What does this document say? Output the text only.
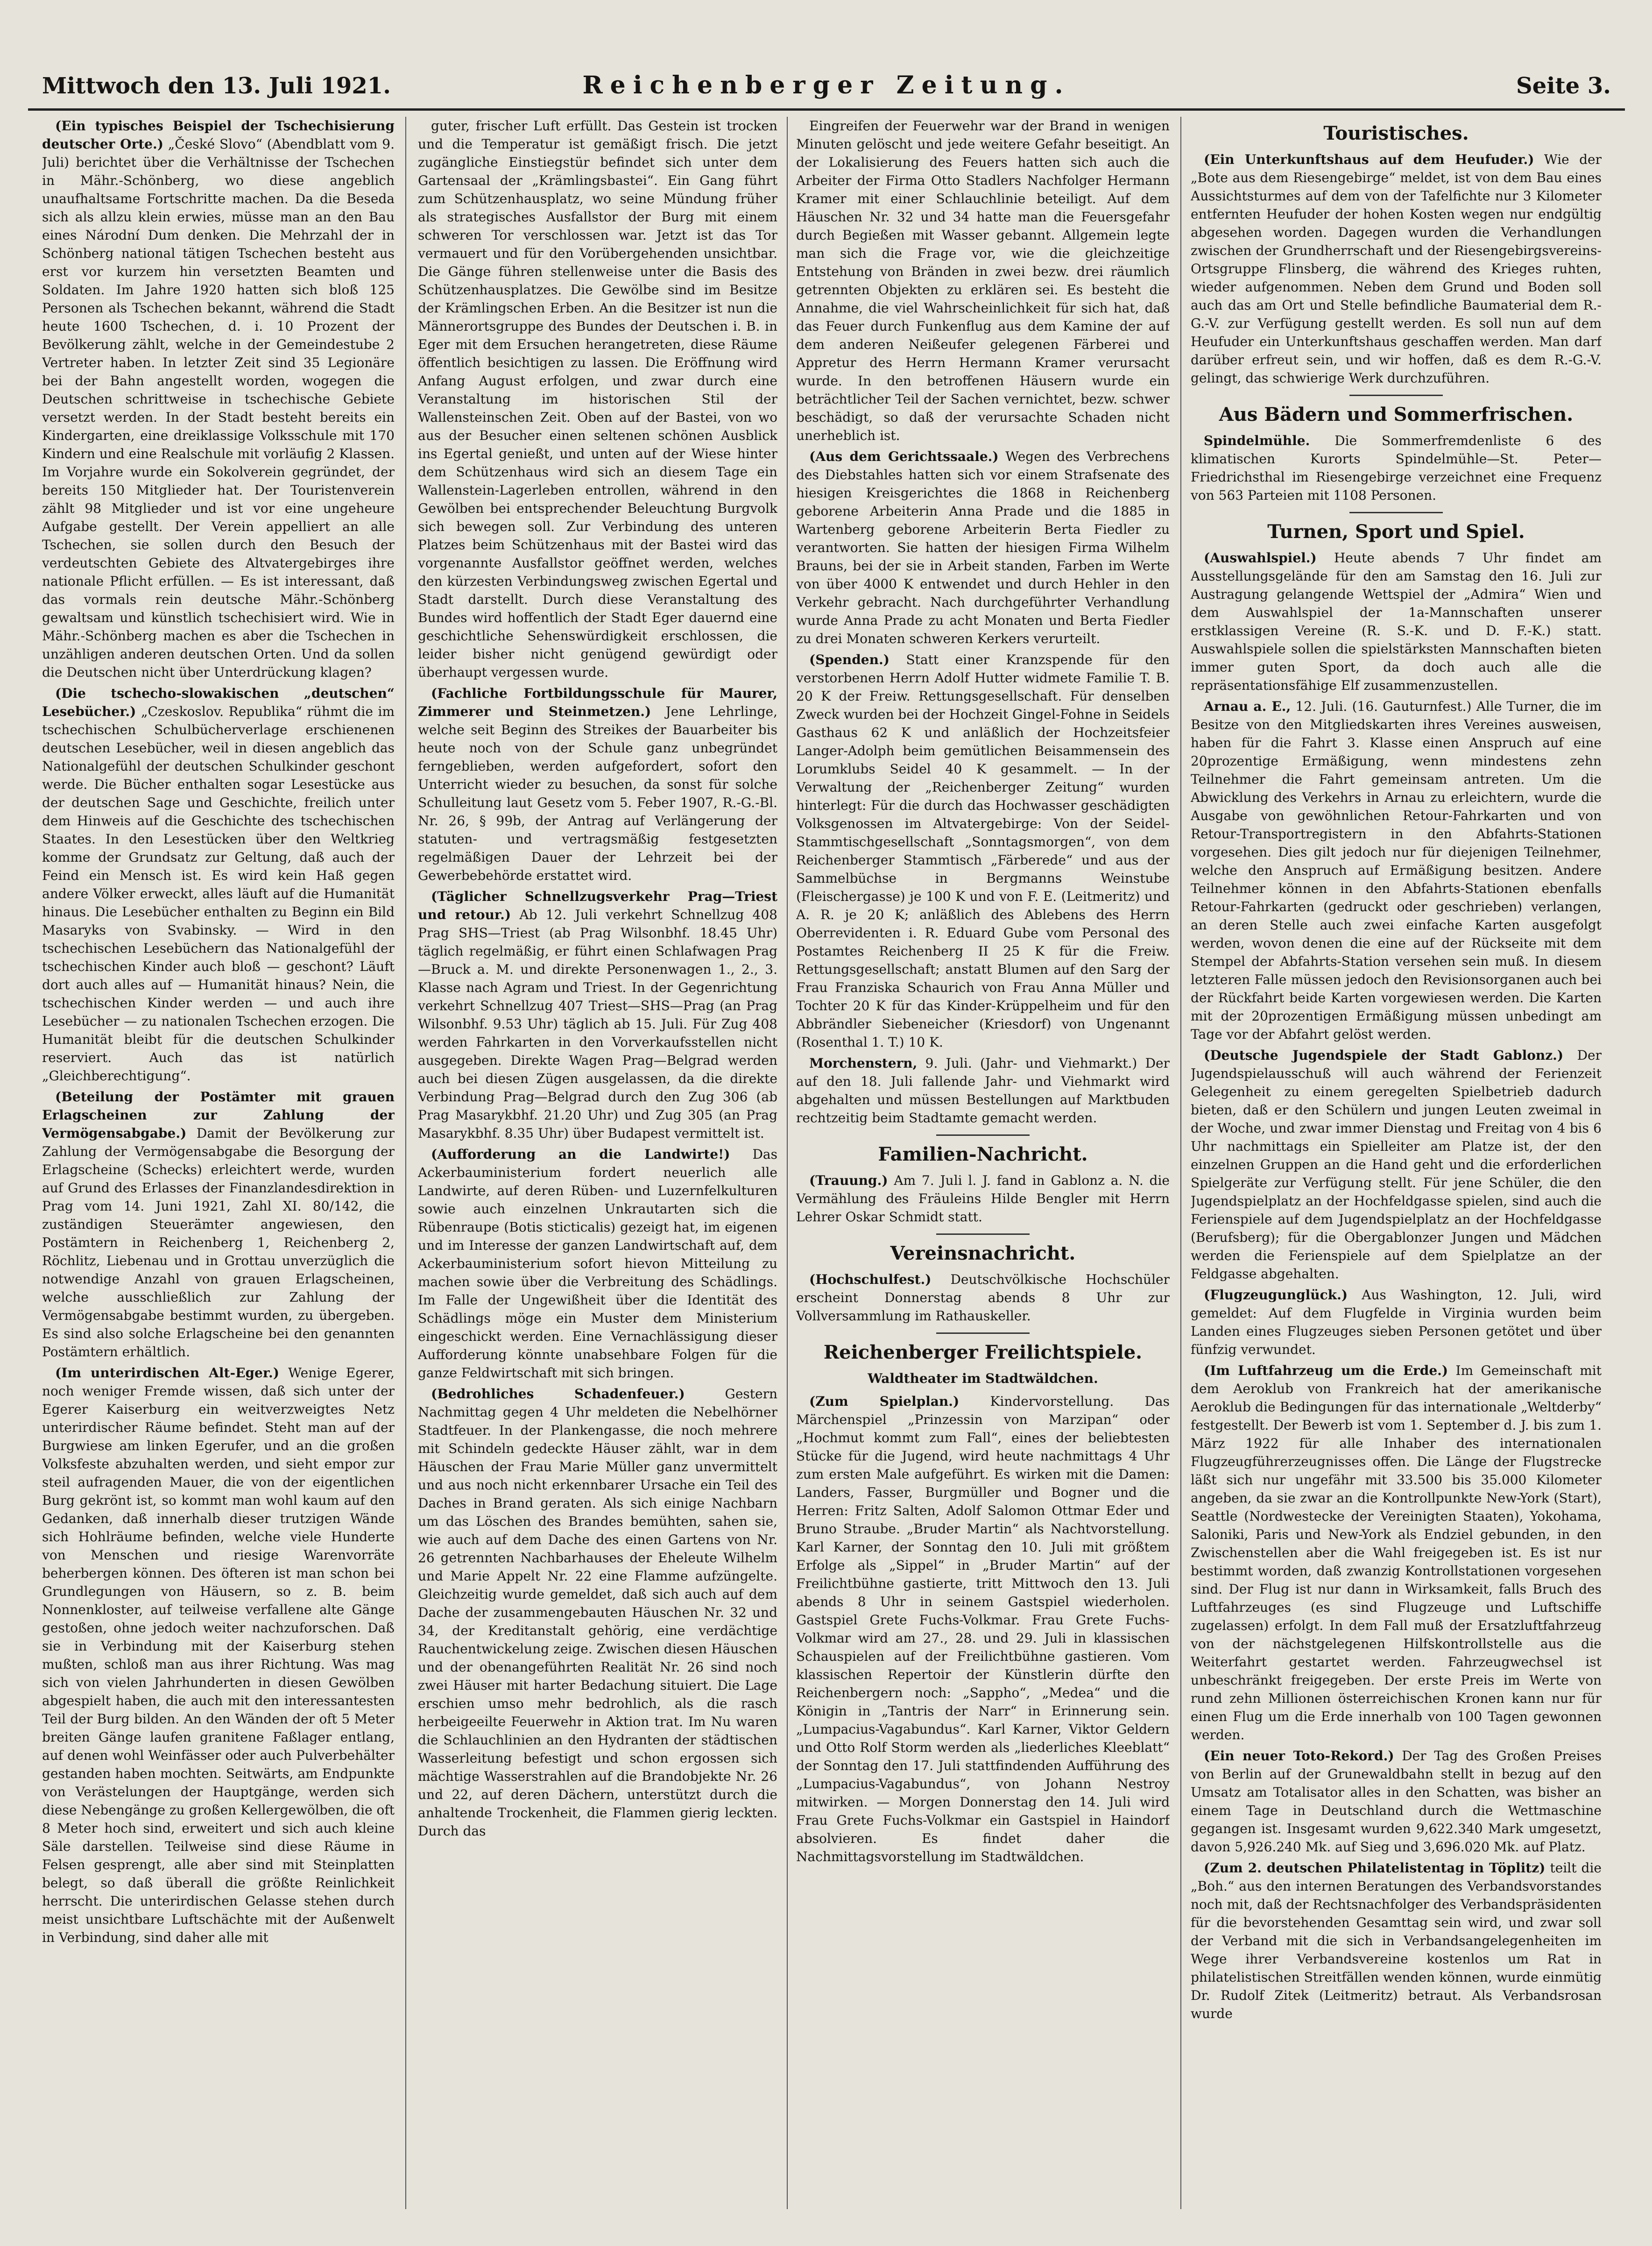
Mittwoch den 13. Juli 1921.	Reichenberger Zeitung.	Seite 3.

(Ein typisches Beispiel der Tschechisierung deutscher Orte.) „České Slovo“ (Abendblatt vom 9. Juli) berichtet über die Verhältnisse der Tschechen in Mähr.-Schönberg, wo diese angeblich unaufhaltsame Fortschritte machen. Da die Beseda sich als allzu klein erwies, müsse man an den Bau eines Národní Dum denken. Die Mehrzahl der in Schönberg national tätigen Tschechen besteht aus erst vor kurzem hin versetzten Beamten und Soldaten. Im Jahre 1920 hatten sich bloß 125 Personen als Tschechen bekannt, während die Stadt heute 1600 Tschechen, d. i. 10 Prozent der Bevölkerung zählt, welche in der Gemeindestube 2 Vertreter haben. In letzter Zeit sind 35 Legionäre bei der Bahn angestellt worden, wogegen die Deutschen schrittweise in tschechische Gebiete versetzt werden. In der Stadt besteht bereits ein Kindergarten, eine dreiklassige Volksschule mit 170 Kindern und eine Realschule mit vorläufig 2 Klassen. Im Vorjahre wurde ein Sokolverein gegründet, der bereits 150 Mitglieder hat. Der Touristenverein zählt 98 Mitglieder und ist vor eine ungeheure Aufgabe gestellt. Der Verein appelliert an alle Tschechen, sie sollen durch den Besuch der verdeutschten Gebiete des Altvatergebirges ihre nationale Pflicht erfüllen. — Es ist interessant, daß das vormals rein deutsche Mähr.-Schönberg gewaltsam und künstlich tschechisiert wird. Wie in Mähr.-Schönberg machen es aber die Tschechen in unzähligen anderen deutschen Orten. Und da sollen die Deutschen nicht über Unterdrückung klagen?

(Die tschecho-slowakischen „deutschen“ Lesebücher.) „Czeskoslov. Republika“ rühmt die im tschechischen Schulbücherverlage erschienenen deutschen Lesebücher, weil in diesen angeblich das Nationalgefühl der deutschen Schulkinder geschont werde. Die Bücher enthalten sogar Lesestücke aus der deutschen Sage und Geschichte, freilich unter dem Hinweis auf die Geschichte des tschechischen Staates. In den Lesestücken über den Weltkrieg komme der Grundsatz zur Geltung, daß auch der Feind ein Mensch ist. Es wird kein Haß gegen andere Völker erweckt, alles läuft auf die Humanität hinaus. Die Lesebücher enthalten zu Beginn ein Bild Masaryks von Svabinsky. — Wird in den tschechischen Lesebüchern das Nationalgefühl der tschechischen Kinder auch bloß — geschont? Läuft dort auch alles auf — Humanität hinaus? Nein, die tschechischen Kinder werden — und auch ihre Lesebücher — zu nationalen Tschechen erzogen. Die Humanität bleibt für die deutschen Schulkinder reserviert. Auch das ist natürlich „Gleichberechtigung“.

(Beteilung der Postämter mit grauen Erlagscheinen zur Zahlung der Vermögensabgabe.) Damit der Bevölkerung zur Zahlung der Vermögensabgabe die Besorgung der Erlagscheine (Schecks) erleichtert werde, wurden auf Grund des Erlasses der Finanzlandesdirektion in Prag vom 14. Juni 1921, Zahl XI. 80/142, die zuständigen Steuerämter angewiesen, den Postämtern in Reichenberg 1, Reichenberg 2, Röchlitz, Liebenau und in Grottau unverzüglich die notwendige Anzahl von grauen Erlagscheinen, welche ausschließlich zur Zahlung der Vermögensabgabe bestimmt wurden, zu übergeben. Es sind also solche Erlagscheine bei den genannten Postämtern erhältlich.

(Im unterirdischen Alt-Eger.) Wenige Egerer, noch weniger Fremde wissen, daß sich unter der Egerer Kaiserburg ein weitverzweigtes Netz unterirdischer Räume befindet. Steht man auf der Burgwiese am linken Egerufer, und an die großen Volksfeste abzuhalten werden, und sieht empor zur steil aufragenden Mauer, die von der eigentlichen Burg gekrönt ist, so kommt man wohl kaum auf den Gedanken, daß innerhalb dieser trutzigen Wände sich Hohlräume befinden, welche viele Hunderte von Menschen und riesige Warenvorräte beherbergen können. Des öfteren ist man schon bei Grundlegungen von Häusern, so z. B. beim Nonnenkloster, auf teilweise verfallene alte Gänge gestoßen, ohne jedoch weiter nachzuforschen. Daß sie in Verbindung mit der Kaiserburg stehen mußten, schloß man aus ihrer Richtung. Was mag sich von vielen Jahrhunderten in diesen Gewölben abgespielt haben, die auch mit den interessantesten Teil der Burg bilden. An den Wänden der oft 5 Meter breiten Gänge laufen granitene Faßlager entlang, auf denen wohl Weinfässer oder auch Pulverbehälter gestanden haben mochten. Seitwärts, am Endpunkte von Verästelungen der Hauptgänge, werden sich diese Nebengänge zu großen Kellergewölben, die oft 8 Meter hoch sind, erweitert und sich auch kleine Säle darstellen. Teilweise sind diese Räume in Felsen gesprengt, alle aber sind mit Steinplatten belegt, so daß überall die größte Reinlichkeit herrscht. Die unterirdischen Gelasse stehen durch meist unsichtbare Luftschächte mit der Außenwelt in Verbindung, sind daher alle mit

guter, frischer Luft erfüllt. Das Gestein ist trocken und die Temperatur ist gemäßigt frisch. Die jetzt zugängliche Einstiegstür befindet sich unter dem Gartensaal der „Krämlingsbastei“. Ein Gang führt zum Schützenhausplatz, wo seine Mündung früher als strategisches Ausfallstor der Burg mit einem schweren Tor verschlossen war. Jetzt ist das Tor vermauert und für den Vorübergehenden unsichtbar. Die Gänge führen stellenweise unter die Basis des Schützenhausplatzes. Die Gewölbe sind im Besitze der Krämlingschen Erben. An die Besitzer ist nun die Männerortsgruppe des Bundes der Deutschen i. B. in Eger mit dem Ersuchen herangetreten, diese Räume öffentlich besichtigen zu lassen. Die Eröffnung wird Anfang August erfolgen, und zwar durch eine Veranstaltung im historischen Stil der Wallensteinschen Zeit. Oben auf der Bastei, von wo aus der Besucher einen seltenen schönen Ausblick ins Egertal genießt, und unten auf der Wiese hinter dem Schützenhaus wird sich an diesem Tage ein Wallenstein-Lagerleben entrollen, während in den Gewölben bei entsprechender Beleuchtung Burgvolk sich bewegen soll. Zur Verbindung des unteren Platzes beim Schützenhaus mit der Bastei wird das vorgenannte Ausfallstor geöffnet werden, welches den kürzesten Verbindungsweg zwischen Egertal und Stadt darstellt. Durch diese Veranstaltung des Bundes wird hoffentlich der Stadt Eger dauernd eine geschichtliche Sehenswürdigkeit erschlossen, die leider bisher nicht genügend gewürdigt oder überhaupt vergessen wurde.

(Fachliche Fortbildungsschule für Maurer, Zimmerer und Steinmetzen.) Jene Lehrlinge, welche seit Beginn des Streikes der Bauarbeiter bis heute noch von der Schule ganz unbegründet ferngeblieben, werden aufgefordert, sofort den Unterricht wieder zu besuchen, da sonst für solche Schulleitung laut Gesetz vom 5. Feber 1907, R.-G.-Bl. Nr. 26, § 99b, der Antrag auf Verlängerung der statuten- und vertragsmäßig festgesetzten regelmäßigen Dauer der Lehrzeit bei der Gewerbebehörde erstattet wird.

(Täglicher Schnellzugsverkehr Prag—Triest und retour.) Ab 12. Juli verkehrt Schnellzug 408 Prag SHS—Triest (ab Prag Wilsonbhf. 18.45 Uhr) täglich regelmäßig, er führt einen Schlafwagen Prag—Bruck a. M. und direkte Personenwagen 1., 2., 3. Klasse nach Agram und Triest. In der Gegenrichtung verkehrt Schnellzug 407 Triest—SHS—Prag (an Prag Wilsonbhf. 9.53 Uhr) täglich ab 15. Juli. Für Zug 408 werden Fahrkarten in den Vorverkaufsstellen nicht ausgegeben. Direkte Wagen Prag—Belgrad werden auch bei diesen Zügen ausgelassen, da die direkte Verbindung Prag—Belgrad durch den Zug 306 (ab Prag Masarykbhf. 21.20 Uhr) und Zug 305 (an Prag Masarykbhf. 8.35 Uhr) über Budapest vermittelt ist.

(Aufforderung an die Landwirte!) Das Ackerbauministerium fordert neuerlich alle Landwirte, auf deren Rüben- und Luzernfelkulturen sowie auch einzelnen Unkrautarten sich die Rübenraupe (Botis sticticalis) gezeigt hat, im eigenen und im Interesse der ganzen Landwirtschaft auf, dem Ackerbauministerium sofort hievon Mitteilung zu machen sowie über die Verbreitung des Schädlings. Im Falle der Ungewißheit über die Identität des Schädlings möge ein Muster dem Ministerium eingeschickt werden. Eine Vernachlässigung dieser Aufforderung könnte unabsehbare Folgen für die ganze Feldwirtschaft mit sich bringen.

(Bedrohliches Schadenfeuer.) Gestern Nachmittag gegen 4 Uhr meldeten die Nebelhörner Stadtfeuer. In der Plankengasse, die noch mehrere mit Schindeln gedeckte Häuser zählt, war in dem Häuschen der Frau Marie Müller ganz unvermittelt und aus noch nicht erkennbarer Ursache ein Teil des Daches in Brand geraten. Als sich einige Nachbarn um das Löschen des Brandes bemühten, sahen sie, wie auch auf dem Dache des einen Gartens von Nr. 26 getrennten Nachbarhauses der Eheleute Wilhelm und Marie Appelt Nr. 22 eine Flamme aufzüngelte. Gleichzeitig wurde gemeldet, daß sich auch auf dem Dache der zusammengebauten Häuschen Nr. 32 und 34, der Kreditanstalt gehörig, eine verdächtige Rauchentwickelung zeige. Zwischen diesen Häuschen und der obenangeführten Realität Nr. 26 sind noch zwei Häuser mit harter Bedachung situiert. Die Lage erschien umso mehr bedrohlich, als die rasch herbeigeeilte Feuerwehr in Aktion trat. Im Nu waren die Schlauchlinien an den Hydranten der städtischen Wasserleitung befestigt und schon ergossen sich mächtige Wasserstrahlen auf die Brandobjekte Nr. 26 und 22, auf deren Dächern, unterstützt durch die anhaltende Trockenheit, die Flammen gierig leckten. Durch das

Eingreifen der Feuerwehr war der Brand in wenigen Minuten gelöscht und jede weitere Gefahr beseitigt. An der Lokalisierung des Feuers hatten sich auch die Arbeiter der Firma Otto Stadlers Nachfolger Hermann Kramer mit einer Schlauchlinie beteiligt. Auf dem Häuschen Nr. 32 und 34 hatte man die Feuersgefahr durch Begießen mit Wasser gebannt. Allgemein legte man sich die Frage vor, wie die gleichzeitige Entstehung von Bränden in zwei bezw. drei räumlich getrennten Objekten zu erklären sei. Es besteht die Annahme, die viel Wahrscheinlichkeit für sich hat, daß das Feuer durch Funkenflug aus dem Kamine der auf dem anderen Neißeufer gelegenen Färberei und Appretur des Herrn Hermann Kramer verursacht wurde. In den betroffenen Häusern wurde ein beträchtlicher Teil der Sachen vernichtet, bezw. schwer beschädigt, so daß der verursachte Schaden nicht unerheblich ist.

(Aus dem Gerichtssaale.) Wegen des Verbrechens des Diebstahles hatten sich vor einem Strafsenate des hiesigen Kreisgerichtes die 1868 in Reichenberg geborene Arbeiterin Anna Prade und die 1885 in Wartenberg geborene Arbeiterin Berta Fiedler zu verantworten. Sie hatten der hiesigen Firma Wilhelm Brauns, bei der sie in Arbeit standen, Farben im Werte von über 4000 K entwendet und durch Hehler in den Verkehr gebracht. Nach durchgeführter Verhandlung wurde Anna Prade zu acht Monaten und Berta Fiedler zu drei Monaten schweren Kerkers verurteilt.

(Spenden.) Statt einer Kranzspende für den verstorbenen Herrn Adolf Hutter widmete Familie T. B. 20 K der Freiw. Rettungsgesellschaft. Für denselben Zweck wurden bei der Hochzeit Gingel-Fohne in Seidels Gasthaus 62 K und anläßlich der Hochzeitsfeier Langer-Adolph beim gemütlichen Beisammensein des Lorumklubs Seidel 40 K gesammelt. — In der Verwaltung der „Reichenberger Zeitung“ wurden hinterlegt: Für die durch das Hochwasser geschädigten Volksgenossen im Altvatergebirge: Von der Seidel-Stammtischgesellschaft „Sonntagsmorgen“, von dem Reichenberger Stammtisch „Färberede“ und aus der Sammelbüchse in Bergmanns Weinstube (Fleischergasse) je 100 K und von F. E. (Leitmeritz) und A. R. je 20 K; anläßlich des Ablebens des Herrn Oberrevidenten i. R. Eduard Gube vom Personal des Postamtes Reichenberg II 25 K für die Freiw. Rettungsgesellschaft; anstatt Blumen auf den Sarg der Frau Franziska Schaurich von Frau Anna Müller und Tochter 20 K für das Kinder-Krüppelheim und für den Abbrändler Siebeneicher (Kriesdorf) von Ungenannt (Rosenthal 1. T.) 10 K.

Morchenstern, 9. Juli. (Jahr- und Viehmarkt.) Der auf den 18. Juli fallende Jahr- und Viehmarkt wird abgehalten und müssen Bestellungen auf Marktbuden rechtzeitig beim Stadtamte gemacht werden.

Familien-Nachricht.

(Trauung.) Am 7. Juli l. J. fand in Gablonz a. N. die Vermählung des Fräuleins Hilde Bengler mit Herrn Lehrer Oskar Schmidt statt.

Vereinsnachricht.

(Hochschulfest.) Deutschvölkische Hochschüler erscheint Donnerstag abends 8 Uhr zur Vollversammlung im Rathauskeller.

Reichenberger Freilichtspiele.
Waldtheater im Stadtwäldchen.

(Zum Spielplan.) Kindervorstellung. Das Märchenspiel „Prinzessin von Marzipan“ oder „Hochmut kommt zum Fall“, eines der beliebtesten Stücke für die Jugend, wird heute nachmittags 4 Uhr zum ersten Male aufgeführt. Es wirken mit die Damen: Landers, Fasser, Burgmüller und Bogner und die Herren: Fritz Salten, Adolf Salomon Ottmar Eder und Bruno Straube. „Bruder Martin“ als Nachtvorstellung. Karl Karner, der Sonntag den 10. Juli mit größtem Erfolge als „Sippel“ in „Bruder Martin“ auf der Freilichtbühne gastierte, tritt Mittwoch den 13. Juli abends 8 Uhr in seinem Gastspiel wiederholen. Gastspiel Grete Fuchs-Volkmar. Frau Grete Fuchs-Volkmar wird am 27., 28. und 29. Juli in klassischen Schauspielen auf der Freilichtbühne gastieren. Vom klassischen Repertoir der Künstlerin dürfte den Reichenbergern noch: „Sappho“, „Medea“ und die Königin in „Tantris der Narr“ in Erinnerung sein. „Lumpacius-Vagabundus“. Karl Karner, Viktor Geldern und Otto Rolf Storm werden als „liederliches Kleeblatt“ der Sonntag den 17. Juli stattfindenden Aufführung des „Lumpacius-Vagabundus“, von Johann Nestroy mitwirken. — Morgen Donnerstag den 14. Juli wird Frau Grete Fuchs-Volkmar ein Gastspiel in Haindorf absolvieren. Es findet daher die Nachmittagsvorstellung im Stadtwäldchen.

Touristisches.

(Ein Unterkunftshaus auf dem Heufuder.) Wie der „Bote aus dem Riesengebirge“ meldet, ist von dem Bau eines Aussichtsturmes auf dem von der Tafelfichte nur 3 Kilometer entfernten Heufuder der hohen Kosten wegen nur endgültig abgesehen worden. Dagegen wurden die Verhandlungen zwischen der Grundherrschaft und der Riesengebirgsvereins-Ortsgruppe Flinsberg, die während des Krieges ruhten, wieder aufgenommen. Neben dem Grund und Boden soll auch das am Ort und Stelle befindliche Baumaterial dem R.-G.-V. zur Verfügung gestellt werden. Es soll nun auf dem Heufuder ein Unterkunftshaus geschaffen werden. Man darf darüber erfreut sein, und wir hoffen, daß es dem R.-G.-V. gelingt, das schwierige Werk durchzuführen.

Aus Bädern und Sommerfrischen.

Spindelmühle. Die Sommerfremdenliste 6 des klimatischen Kurorts Spindelmühle—St. Peter—Friedrichsthal im Riesengebirge verzeichnet eine Frequenz von 563 Parteien mit 1108 Personen.

Turnen, Sport und Spiel.

(Auswahlspiel.) Heute abends 7 Uhr findet am Ausstellungsgelände für den am Samstag den 16. Juli zur Austragung gelangende Wettspiel der „Admira“ Wien und dem Auswahlspiel der 1a-Mannschaften unserer erstklassigen Vereine (R. S.-K. und D. F.-K.) statt. Auswahlspiele sollen die spielstärksten Mannschaften bieten immer guten Sport, da doch auch alle die repräsentationsfähige Elf zusammenzustellen.

Arnau a. E., 12. Juli. (16. Gauturnfest.) Alle Turner, die im Besitze von den Mitgliedskarten ihres Vereines ausweisen, haben für die Fahrt 3. Klasse einen Anspruch auf eine 20prozentige Ermäßigung, wenn mindestens zehn Teilnehmer die Fahrt gemeinsam antreten. Um die Abwicklung des Verkehrs in Arnau zu erleichtern, wurde die Ausgabe von gewöhnlichen Retour-Fahrkarten und von Retour-Transportregistern in den Abfahrts-Stationen vorgesehen. Dies gilt jedoch nur für diejenigen Teilnehmer, welche den Anspruch auf Ermäßigung besitzen. Andere Teilnehmer können in den Abfahrts-Stationen ebenfalls Retour-Fahrkarten (gedruckt oder geschrieben) verlangen, an deren Stelle auch zwei einfache Karten ausgefolgt werden, wovon denen die eine auf der Rückseite mit dem Stempel der Abfahrts-Station versehen sein muß. In diesem letzteren Falle müssen jedoch den Revisionsorganen auch bei der Rückfahrt beide Karten vorgewiesen werden. Die Karten mit der 20prozentigen Ermäßigung müssen unbedingt am Tage vor der Abfahrt gelöst werden.

(Deutsche Jugendspiele der Stadt Gablonz.) Der Jugendspielausschuß will auch während der Ferienzeit Gelegenheit zu einem geregelten Spielbetrieb dadurch bieten, daß er den Schülern und jungen Leuten zweimal in der Woche, und zwar immer Dienstag und Freitag von 4 bis 6 Uhr nachmittags ein Spielleiter am Platze ist, der den einzelnen Gruppen an die Hand geht und die erforderlichen Spielgeräte zur Verfügung stellt. Für jene Schüler, die den Jugendspielplatz an der Hochfeldgasse spielen, sind auch die Ferienspiele auf dem Jugendspielplatz an der Hochfeldgasse (Berufsberg); für die Obergablonzer Jungen und Mädchen werden die Ferienspiele auf dem Spielplatze an der Feldgasse abgehalten.

(Flugzeugunglück.) Aus Washington, 12. Juli, wird gemeldet: Auf dem Flugfelde in Virginia wurden beim Landen eines Flugzeuges sieben Personen getötet und über fünfzig verwundet.

(Im Luftfahrzeug um die Erde.) Im Gemeinschaft mit dem Aeroklub von Frankreich hat der amerikanische Aeroklub die Bedingungen für das internationale „Weltderby“ festgestellt. Der Bewerb ist vom 1. September d. J. bis zum 1. März 1922 für alle Inhaber des internationalen Flugzeugführerzeugnisses offen. Die Länge der Flugstrecke läßt sich nur ungefähr mit 33.500 bis 35.000 Kilometer angeben, da sie zwar an die Kontrollpunkte New-York (Start), Seattle (Nordwestecke der Vereinigten Staaten), Yokohama, Saloniki, Paris und New-York als Endziel gebunden, in den Zwischenstellen aber die Wahl freigegeben ist. Es ist nur bestimmt worden, daß zwanzig Kontrollstationen vorgesehen sind. Der Flug ist nur dann in Wirksamkeit, falls Bruch des Luftfahrzeuges (es sind Flugzeuge und Luftschiffe zugelassen) erfolgt. In dem Fall muß der Ersatzluftfahrzeug von der nächstgelegenen Hilfskontrollstelle aus die Weiterfahrt gestartet werden. Fahrzeugwechsel ist unbeschränkt freigegeben. Der erste Preis im Werte von rund zehn Millionen österreichischen Kronen kann nur für einen Flug um die Erde innerhalb von 100 Tagen gewonnen werden.

(Ein neuer Toto-Rekord.) Der Tag des Großen Preises von Berlin auf der Grunewaldbahn stellt in bezug auf den Umsatz am Totalisator alles in den Schatten, was bisher an einem Tage in Deutschland durch die Wettmaschine gegangen ist. Insgesamt wurden 9,622.340 Mark umgesetzt, davon 5,926.240 Mk. auf Sieg und 3,696.020 Mk. auf Platz.

(Zum 2. deutschen Philatelistentag in Töplitz) teilt die „Boh.“ aus den internen Beratungen des Verbandsvorstandes noch mit, daß der Rechtsnachfolger des Verbandspräsidenten für die bevorstehenden Gesamttag sein wird, und zwar soll der Verband mit die sich in Verbandsangelegenheiten im Wege ihrer Verbandsvereine kostenlos um Rat in philatelistischen Streitfällen wenden können, wurde einmütig Dr. Rudolf Zitek (Leitmeritz) betraut. Als Verbandsrosan wurde
